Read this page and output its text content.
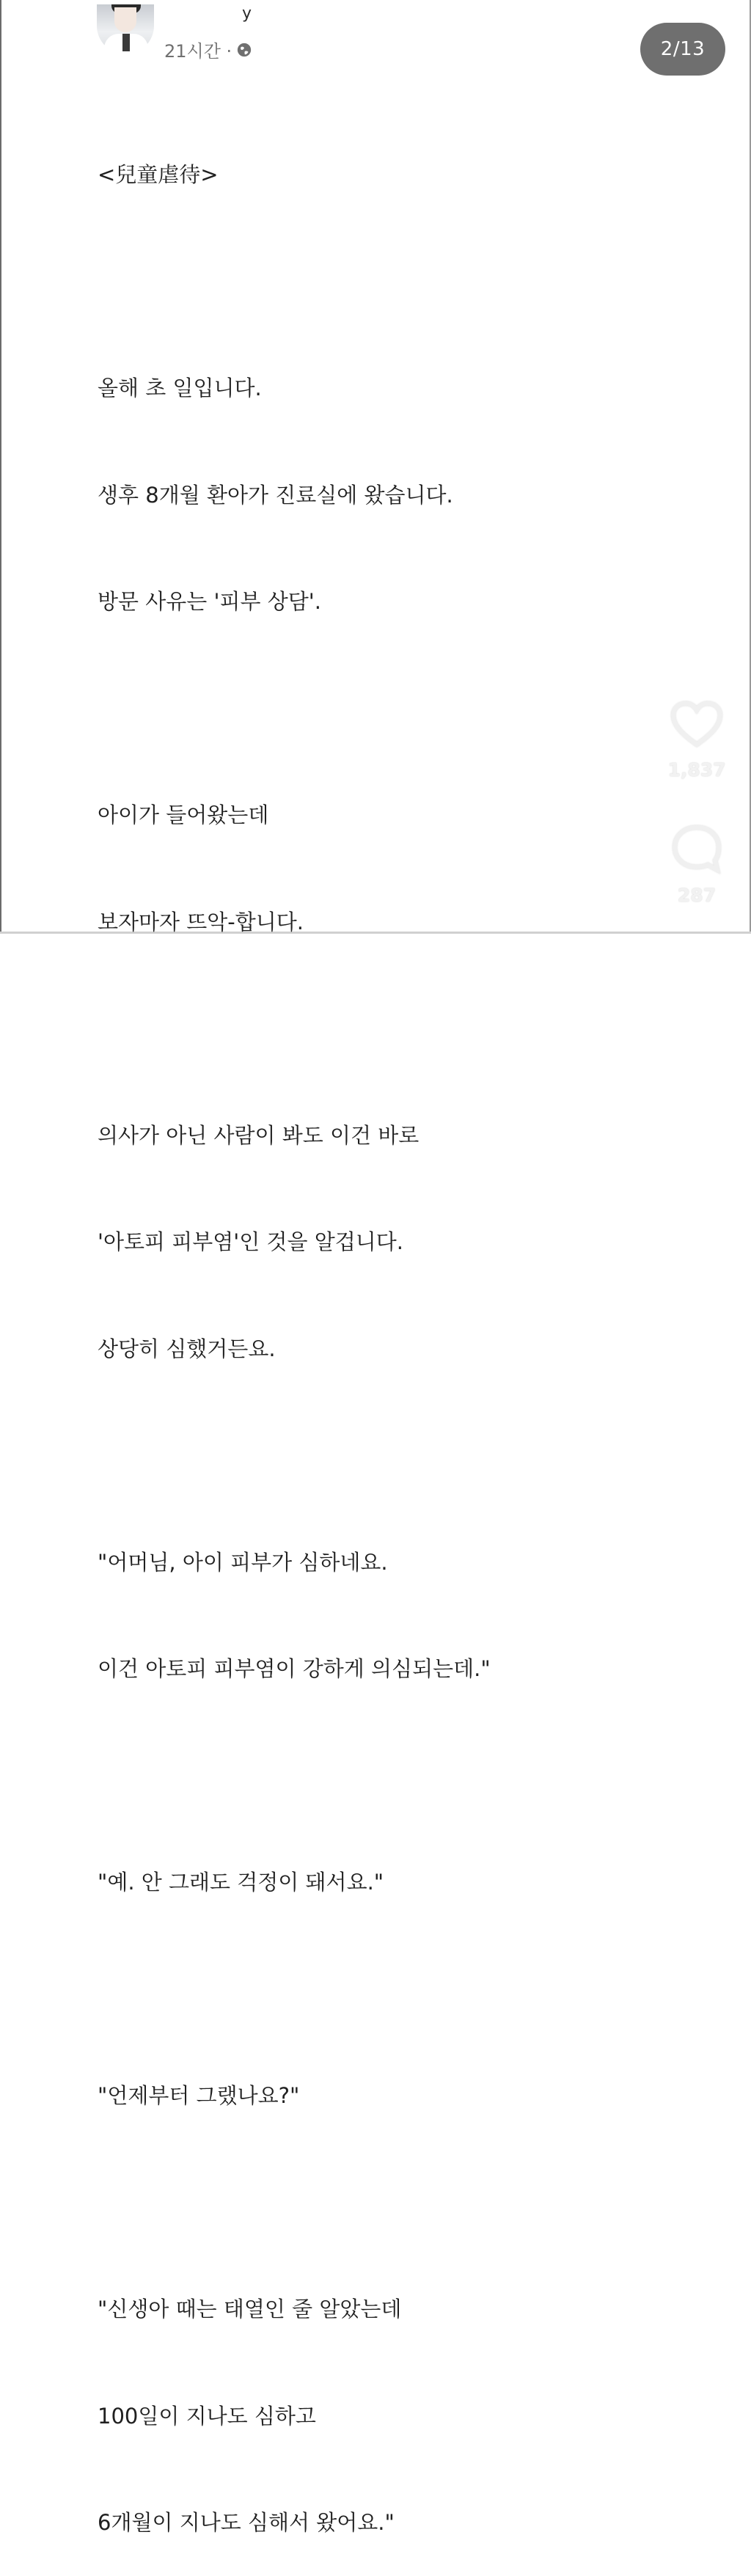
y
21시간 ·	2/13

<兒童虐待>

올해 초 일입니다.

생후 8개월 환아가 진료실에 왔습니다.

방문 사유는 '피부 상담'.

아이가 들어왔는데

보자마자 뜨악-합니다.

의사가 아닌 사람이 봐도 이건 바로

'아토피 피부염'인 것을 알겁니다.

상당히 심했거든요.

"어머님, 아이 피부가 심하네요.

이건 아토피 피부염이 강하게 의심되는데."

"예. 안 그래도 걱정이 돼서요."

"언제부터 그랬나요?"

"신생아 때는 태열인 줄 알았는데

100일이 지나도 심하고

6개월이 지나도 심해서 왔어요."

1,837
287
